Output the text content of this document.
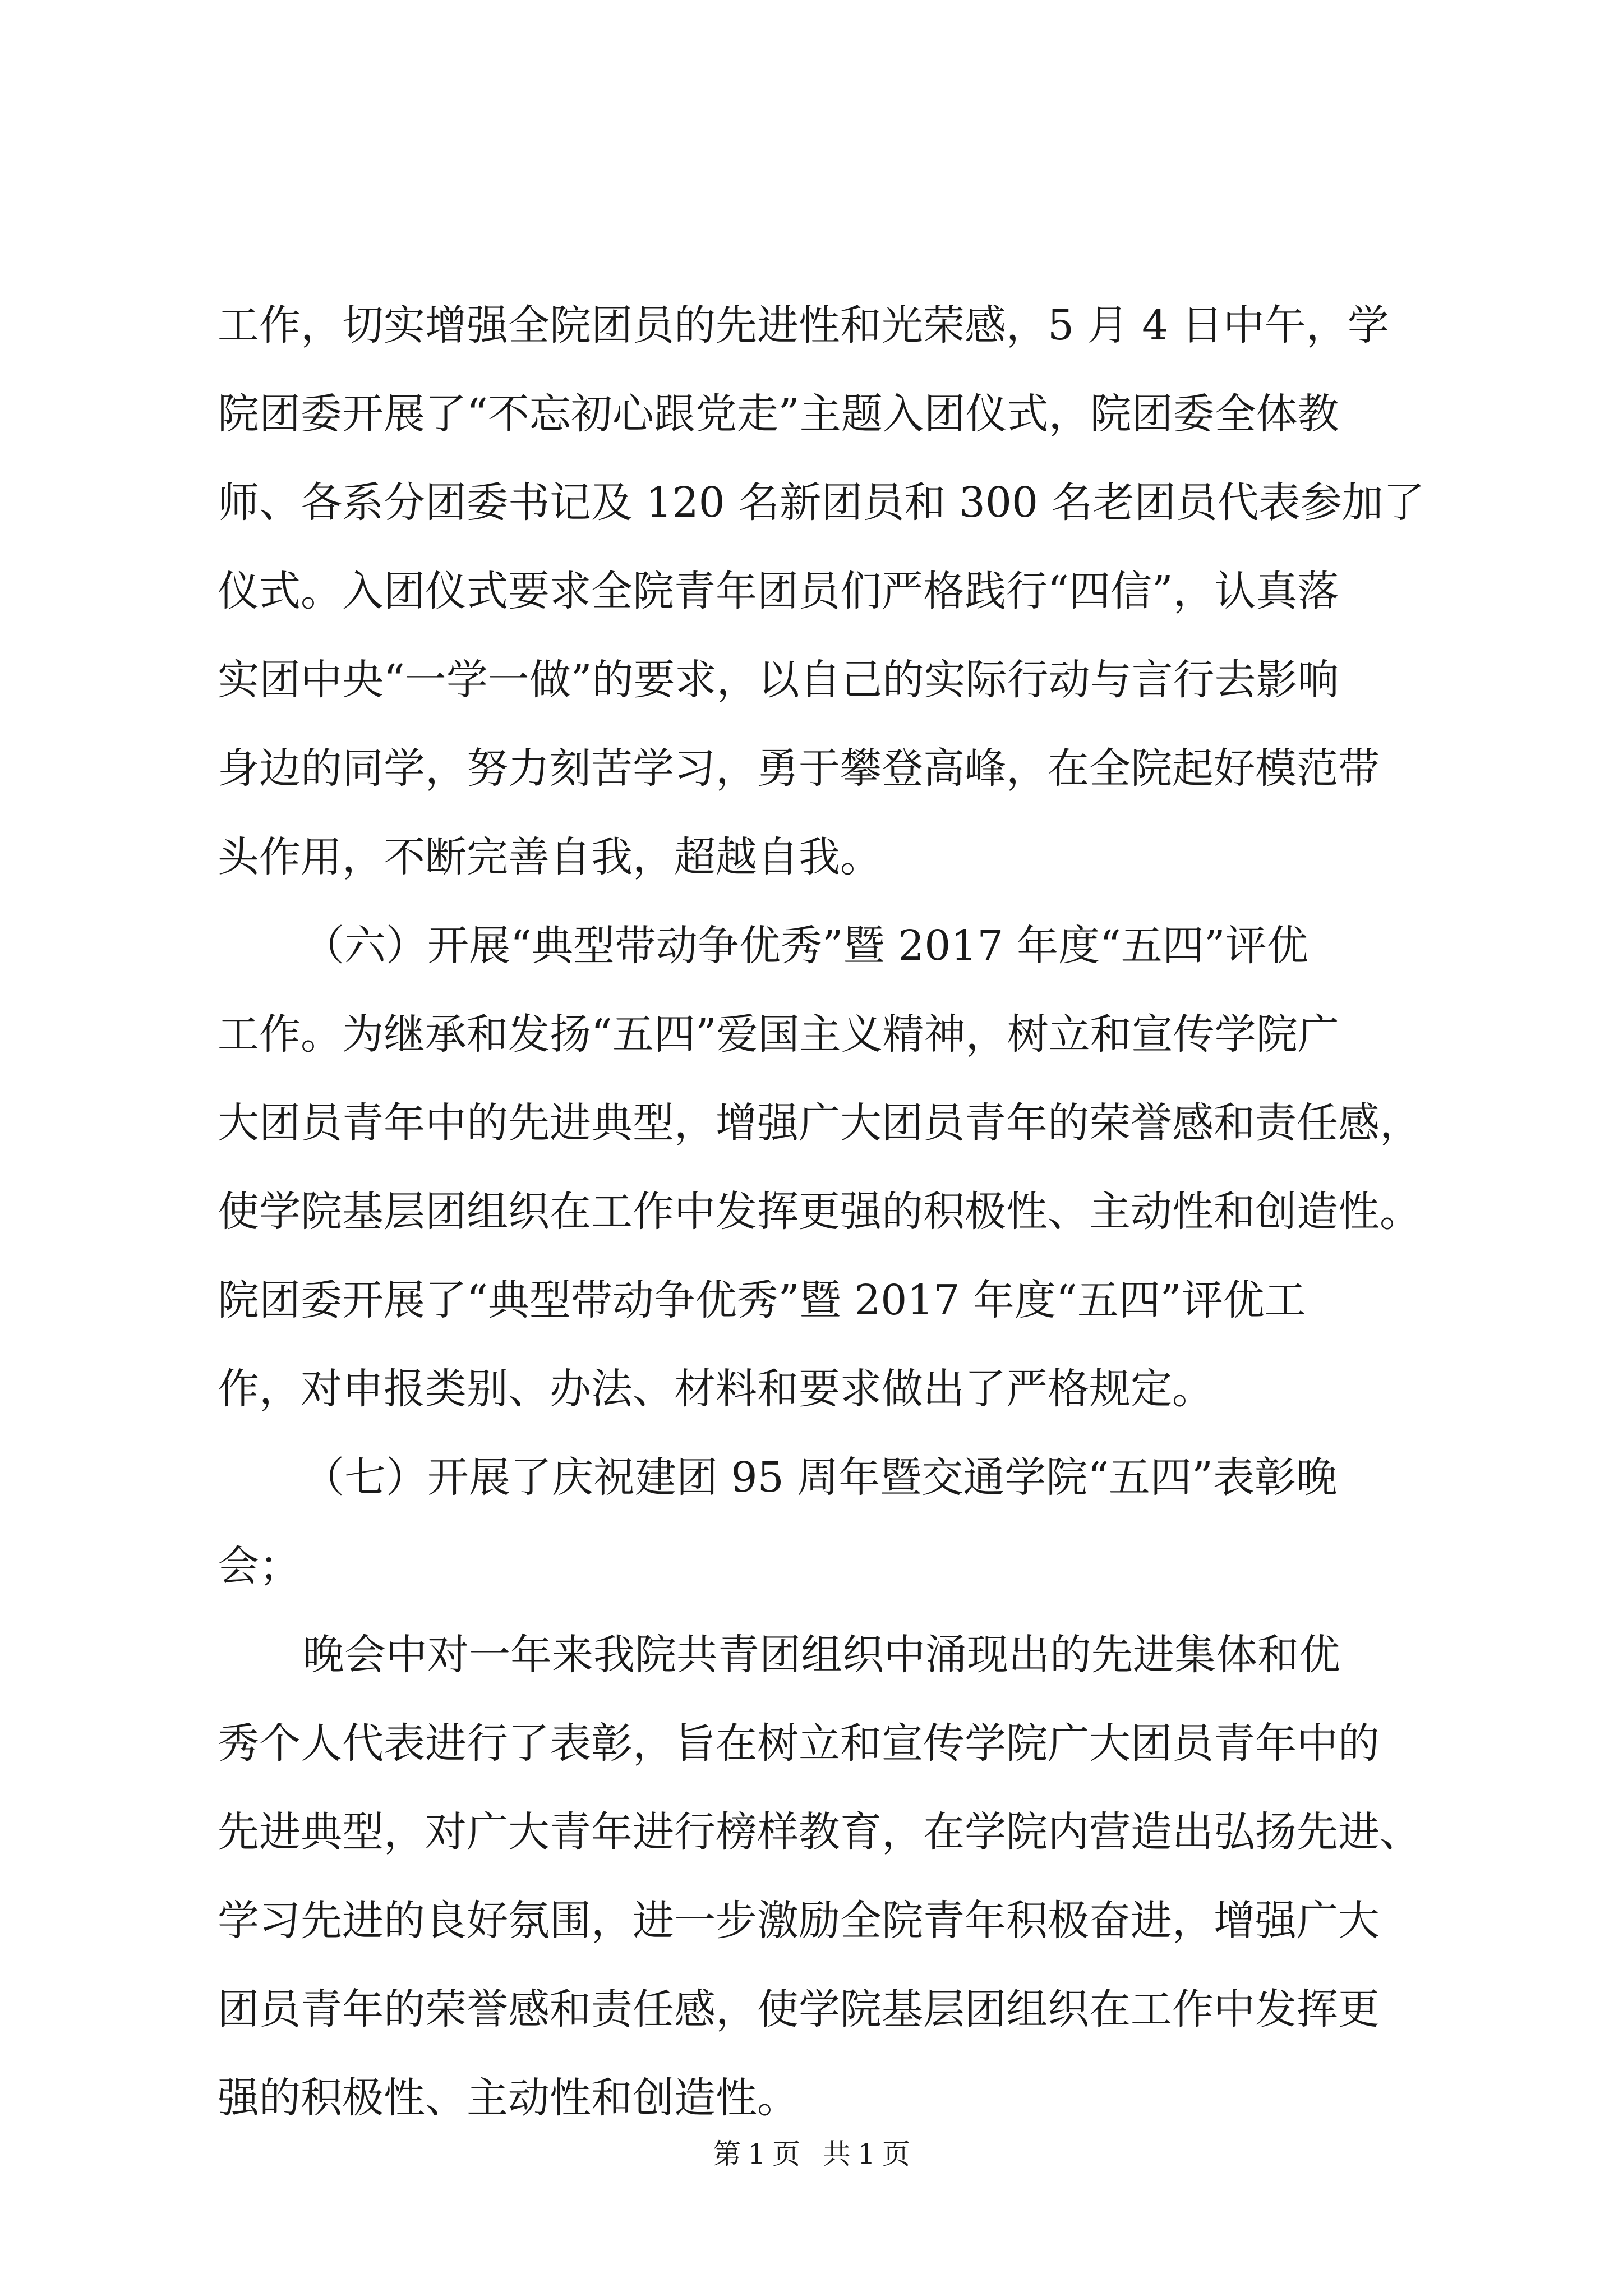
工作，切实增强全院团员的先进性和光荣感，5 月 4 日中午，学
院团委开展了“不忘初心跟党走”主题入团仪式，院团委全体教
师、各系分团委书记及 120 名新团员和 300 名老团员代表参加了
仪式。入团仪式要求全院青年团员们严格践行“四信”，认真落
实团中央“一学一做”的要求，以自己的实际行动与言行去影响
身边的同学，努力刻苦学习，勇于攀登高峰，在全院起好模范带
头作用，不断完善自我，超越自我。
（六）开展“典型带动争优秀”暨 2017 年度“五四”评优
工作。为继承和发扬“五四”爱国主义精神，树立和宣传学院广
大团员青年中的先进典型，增强广大团员青年的荣誉感和责任感，
使学院基层团组织在工作中发挥更强的积极性、主动性和创造性。
院团委开展了“典型带动争优秀”暨 2017 年度“五四”评优工
作，对申报类别、办法、材料和要求做出了严格规定。
（七）开展了庆祝建团 95 周年暨交通学院“五四”表彰晚
会；
晚会中对一年来我院共青团组织中涌现出的先进集体和优
秀个人代表进行了表彰，旨在树立和宣传学院广大团员青年中的
先进典型，对广大青年进行榜样教育，在学院内营造出弘扬先进、
学习先进的良好氛围，进一步激励全院青年积极奋进，增强广大
团员青年的荣誉感和责任感，使学院基层团组织在工作中发挥更
强的积极性、主动性和创造性。
第 1 页 共 1 页
